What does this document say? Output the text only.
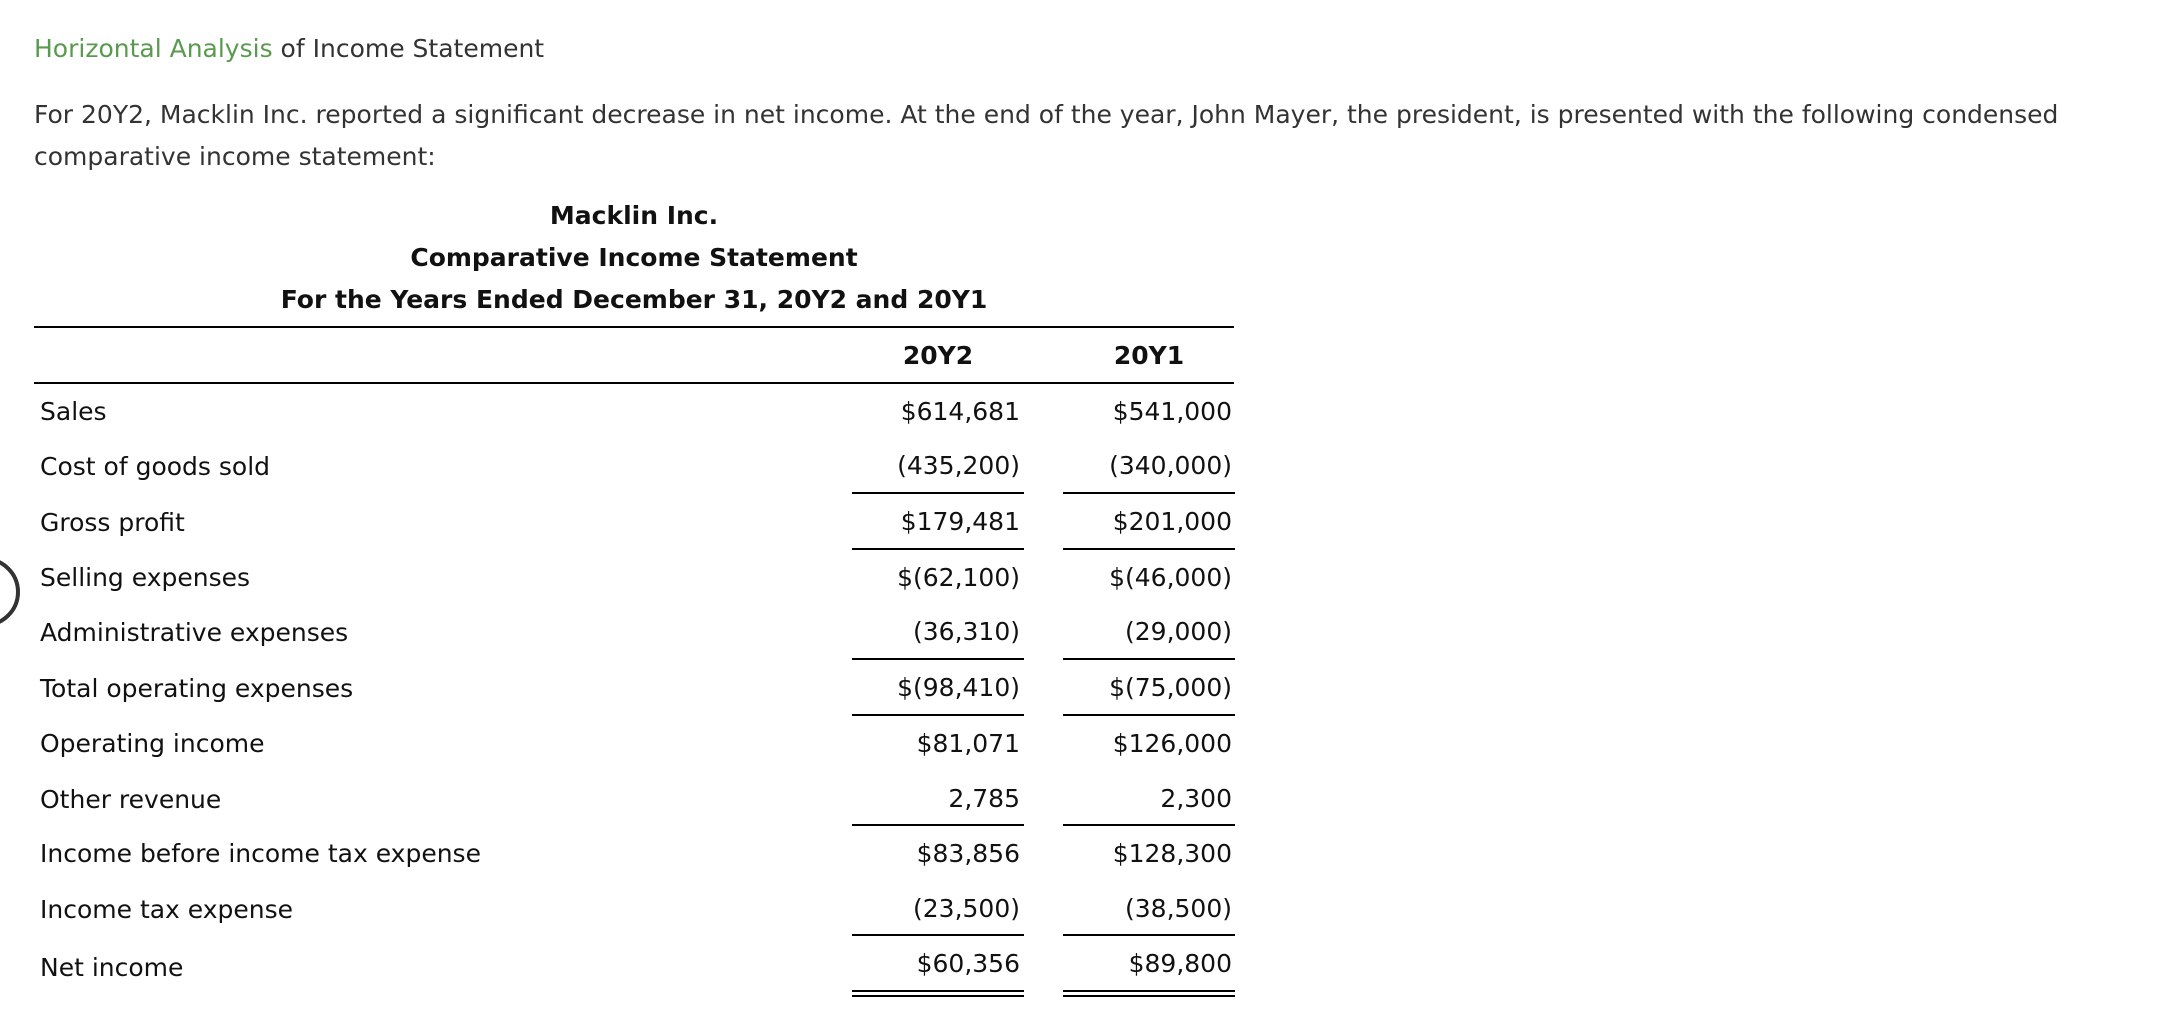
Horizontal Analysis of Income Statement
For 20Y2, Macklin Inc. reported a significant decrease in net income. At the end of the year, John Mayer, the president, is presented with the following condensed comparative income statement:
Macklin Inc.
Comparative Income Statement
For the Years Ended December 31, 20Y2 and 20Y1
20Y2	20Y1
Sales	$614,681	$541,000
Cost of goods sold	(435,200)	(340,000)
Gross profit	$179,481	$201,000
Selling expenses	$(62,100)	$(46,000)
Administrative expenses	(36,310)	(29,000)
Total operating expenses	$(98,410)	$(75,000)
Operating income	$81,071	$126,000
Other revenue	2,785	2,300
Income before income tax expense	$83,856	$128,300
Income tax expense	(23,500)	(38,500)
Net income	$60,356	$89,800
